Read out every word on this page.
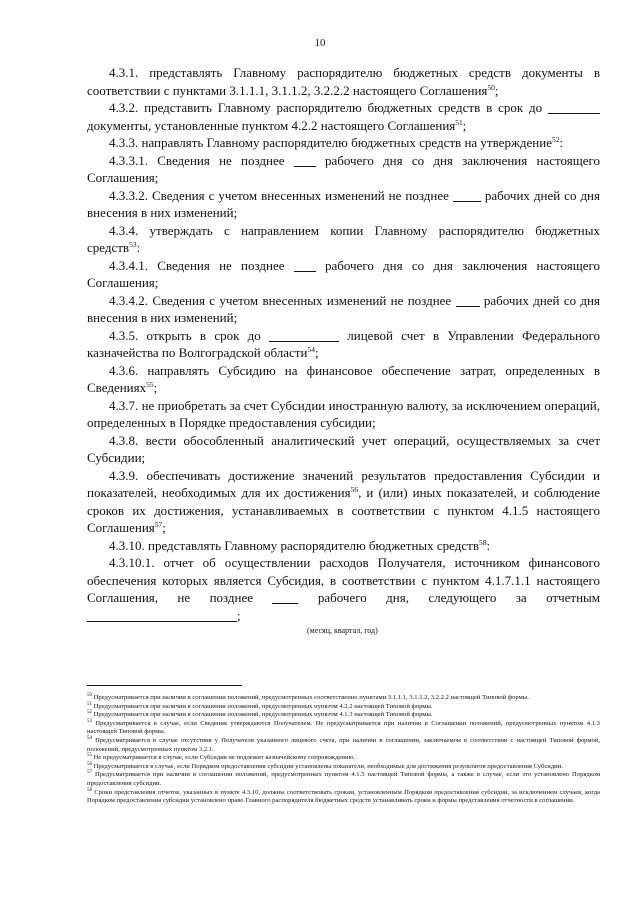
10

4.3.1. представлять Главному распорядителю бюджетных средств документы в соответствии с пунктами 3.1.1.1, 3.1.1.2, 3.2.2.2 настоящего Соглашения$^{50}$;

4.3.2. представить Главному распорядителю бюджетных средств в срок до  документы, установленные пунктом 4.2.2 настоящего Соглашения$^{51}$;

4.3.3. направлять Главному распорядителю бюджетных средств на утверждение$^{52}$:

4.3.3.1. Сведения не позднее  рабочего дня со дня заключения настоящего Соглашения;

4.3.3.2. Сведения с учетом внесенных изменений не позднее  рабочих дней со дня внесения в них изменений;

4.3.4. утверждать с направлением копии Главному распорядителю бюджетных средств$^{53}$:

4.3.4.1. Сведения не позднее  рабочего дня со дня заключения настоящего Соглашения;

4.3.4.2. Сведения с учетом внесенных изменений не позднее  рабочих дней со дня внесения в них изменений;

4.3.5. открыть в срок до	лицевой счет в Управлении Федерального казначейства по Волгоградской области$^{54}$;

4.3.6. направлять Субсидию на финансовое обеспечение затрат, определенных в Сведениях$^{55}$;

4.3.7. не приобретать за счет Субсидии иностранную валюту, за исключением операций, определенных в Порядке предоставления субсидии;

4.3.8. вести обособленный аналитический учет операций, осуществляемых за счет Субсидии;

4.3.9. обеспечивать достижение значений результатов предоставления Субсидии и показателей, необходимых для их достижения$^{56}$, и (или) иных показателей, и соблюдение сроков их достижения, устанавливаемых в соответствии с пунктом 4.1.5 настоящего Соглашения$^{57}$;

4.3.10. представлять Главному распорядителю бюджетных средств$^{58}$:

4.3.10.1. отчет об осуществлении расходов Получателя, источником финансового обеспечения которых является Субсидия, в соответствии с пунктом 4.1.7.1.1 настоящего Соглашения, не позднее  рабочего дня, следующего за отчетным ;

(месяц, квартал, год)

$^{50}$ Предусматривается при наличии в соглашении положений, предусмотренных соответственно пунктами 3.1.1.1, 3.1.1.2, 3.2.2.2 настоящей Типовой формы.

$^{51}$ Предусматривается при наличии в соглашении положений, предусмотренных пунктом 4.2.2 настоящей Типовой формы.

$^{52}$ Предусматривается при наличии в соглашении положений, предусмотренных пунктом 4.1.3 настоящей Типовой формы.

$^{53}$ Предусматривается в случае, если Сведения утверждаются Получателем. Не предусматривается при наличии в Соглашении положений, предусмотренных пунктом 4.1.3 настоящей Типовой формы.

$^{54}$ Предусматривается в случае отсутствия у Получателя указанного лицевого счета, при наличии в соглашении, заключаемом в соответствии с настоящей Типовой формой, положений, предусмотренных пунктом 3.2.1.

$^{55}$ Не предусматривается в случае, если Субсидия не подлежит казначейскому сопровождению.

$^{56}$ Предусматривается в случае, если Порядком предоставления субсидии установлены показатели, необходимые для достижения результатов предоставления Субсидии.

$^{57}$ Предусматривается при наличии в соглашении положений, предусмотренных пунктом 4.1.5 настоящей Типовой формы, а также в случае, если это установлено Порядком предоставления субсидии.

$^{58}$ Сроки представления отчетов, указанных в пункте 4.3.10, должны соответствовать срокам, установленным Порядком предоставления субсидии, за исключением случаев, когда Порядком предоставления субсидии установлено право Главного распорядителя бюджетных средств устанавливать сроки и формы представления отчетности в соглашении.
